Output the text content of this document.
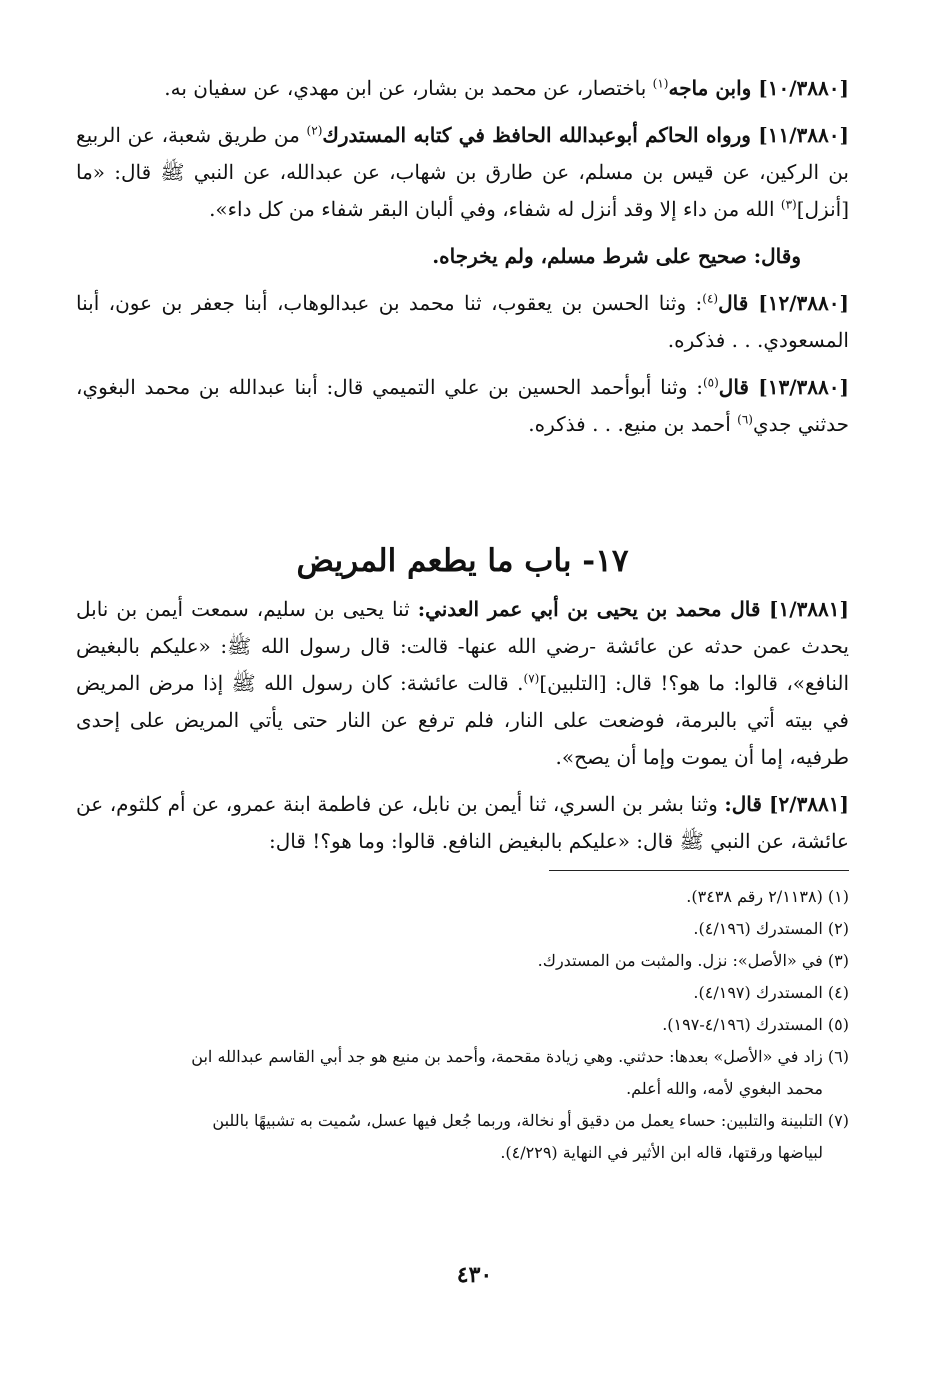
[١٠/٣٨٨٠] وابن ماجه$^{(١)}$ باختصار، عن محمد بن بشار، عن ابن مهدي، عن سفيان به.

[١١/٣٨٨٠] ورواه الحاكم أبوعبدالله الحافظ في كتابه المستدرك$^{(٢)}$ من طريق شعبة، عن الربيع بن الركين، عن قيس بن مسلم، عن طارق بن شهاب، عن عبدالله، عن النبي ﷺ قال: «ما [أنزل]$^{(٣)}$ الله من داء إلا وقد أنزل له شفاء، وفي ألبان البقر شفاء من كل داء».

وقال: صحيح على شرط مسلم، ولم يخرجاه.

[١٢/٣٨٨٠] قال$^{(٤)}$: وثنا الحسن بن يعقوب، ثنا محمد بن عبدالوهاب، أبنا جعفر بن عون، أبنا المسعودي. . . فذكره.

[١٣/٣٨٨٠] قال$^{(٥)}$: وثنا أبوأحمد الحسين بن علي التميمي قال: أبنا عبدالله بن محمد البغوي، حدثني جدي$^{(٦)}$ أحمد بن منيع. . . فذكره.

١٧- باب ما يطعم المريض

[١/٣٨٨١] قال محمد بن يحيى بن أبي عمر العدني: ثنا يحيى بن سليم، سمعت أيمن بن نابل يحدث عمن حدثه عن عائشة -رضي الله عنها- قالت: قال رسول الله ﷺ: «عليكم بالبغيض النافع»، قالوا: ما هو؟! قال: [التلبين]$^{(٧)}$. قالت عائشة: كان رسول الله ﷺ إذا مرض المريض في بيته أتي بالبرمة، فوضعت على النار، فلم ترفع عن النار حتى يأتي المريض على إحدى طرفيه، إما أن يموت وإما أن يصح».

[٢/٣٨٨١] قال: وثنا بشر بن السري، ثنا أيمن بن نابل، عن فاطمة ابنة عمرو، عن أم كلثوم، عن عائشة، عن النبي ﷺ قال: «عليكم بالبغيض النافع. قالوا: وما هو؟! قال:

(١) (٢/١١٣٨ رقم ٣٤٣٨).

(٢) المستدرك (٤/١٩٦).

(٣) في «الأصل»: نزل. والمثبت من المستدرك.

(٤) المستدرك (٤/١٩٧).

(٥) المستدرك (٤/١٩٦-١٩٧).

(٦) زاد في «الأصل» بعدها: حدثني. وهي زيادة مقحمة، وأحمد بن منيع هو جد أبي القاسم عبدالله ابن

محمد البغوي لأمه، والله أعلم.

(٧) التلبينة والتلبين: حساء يعمل من دقيق أو نخالة، وربما جُعل فيها عسل، سُميت به تشبيهًا باللبن

لبياضها ورقتها، قاله ابن الأثير في النهاية (٤/٢٢٩).

٤٣٠
